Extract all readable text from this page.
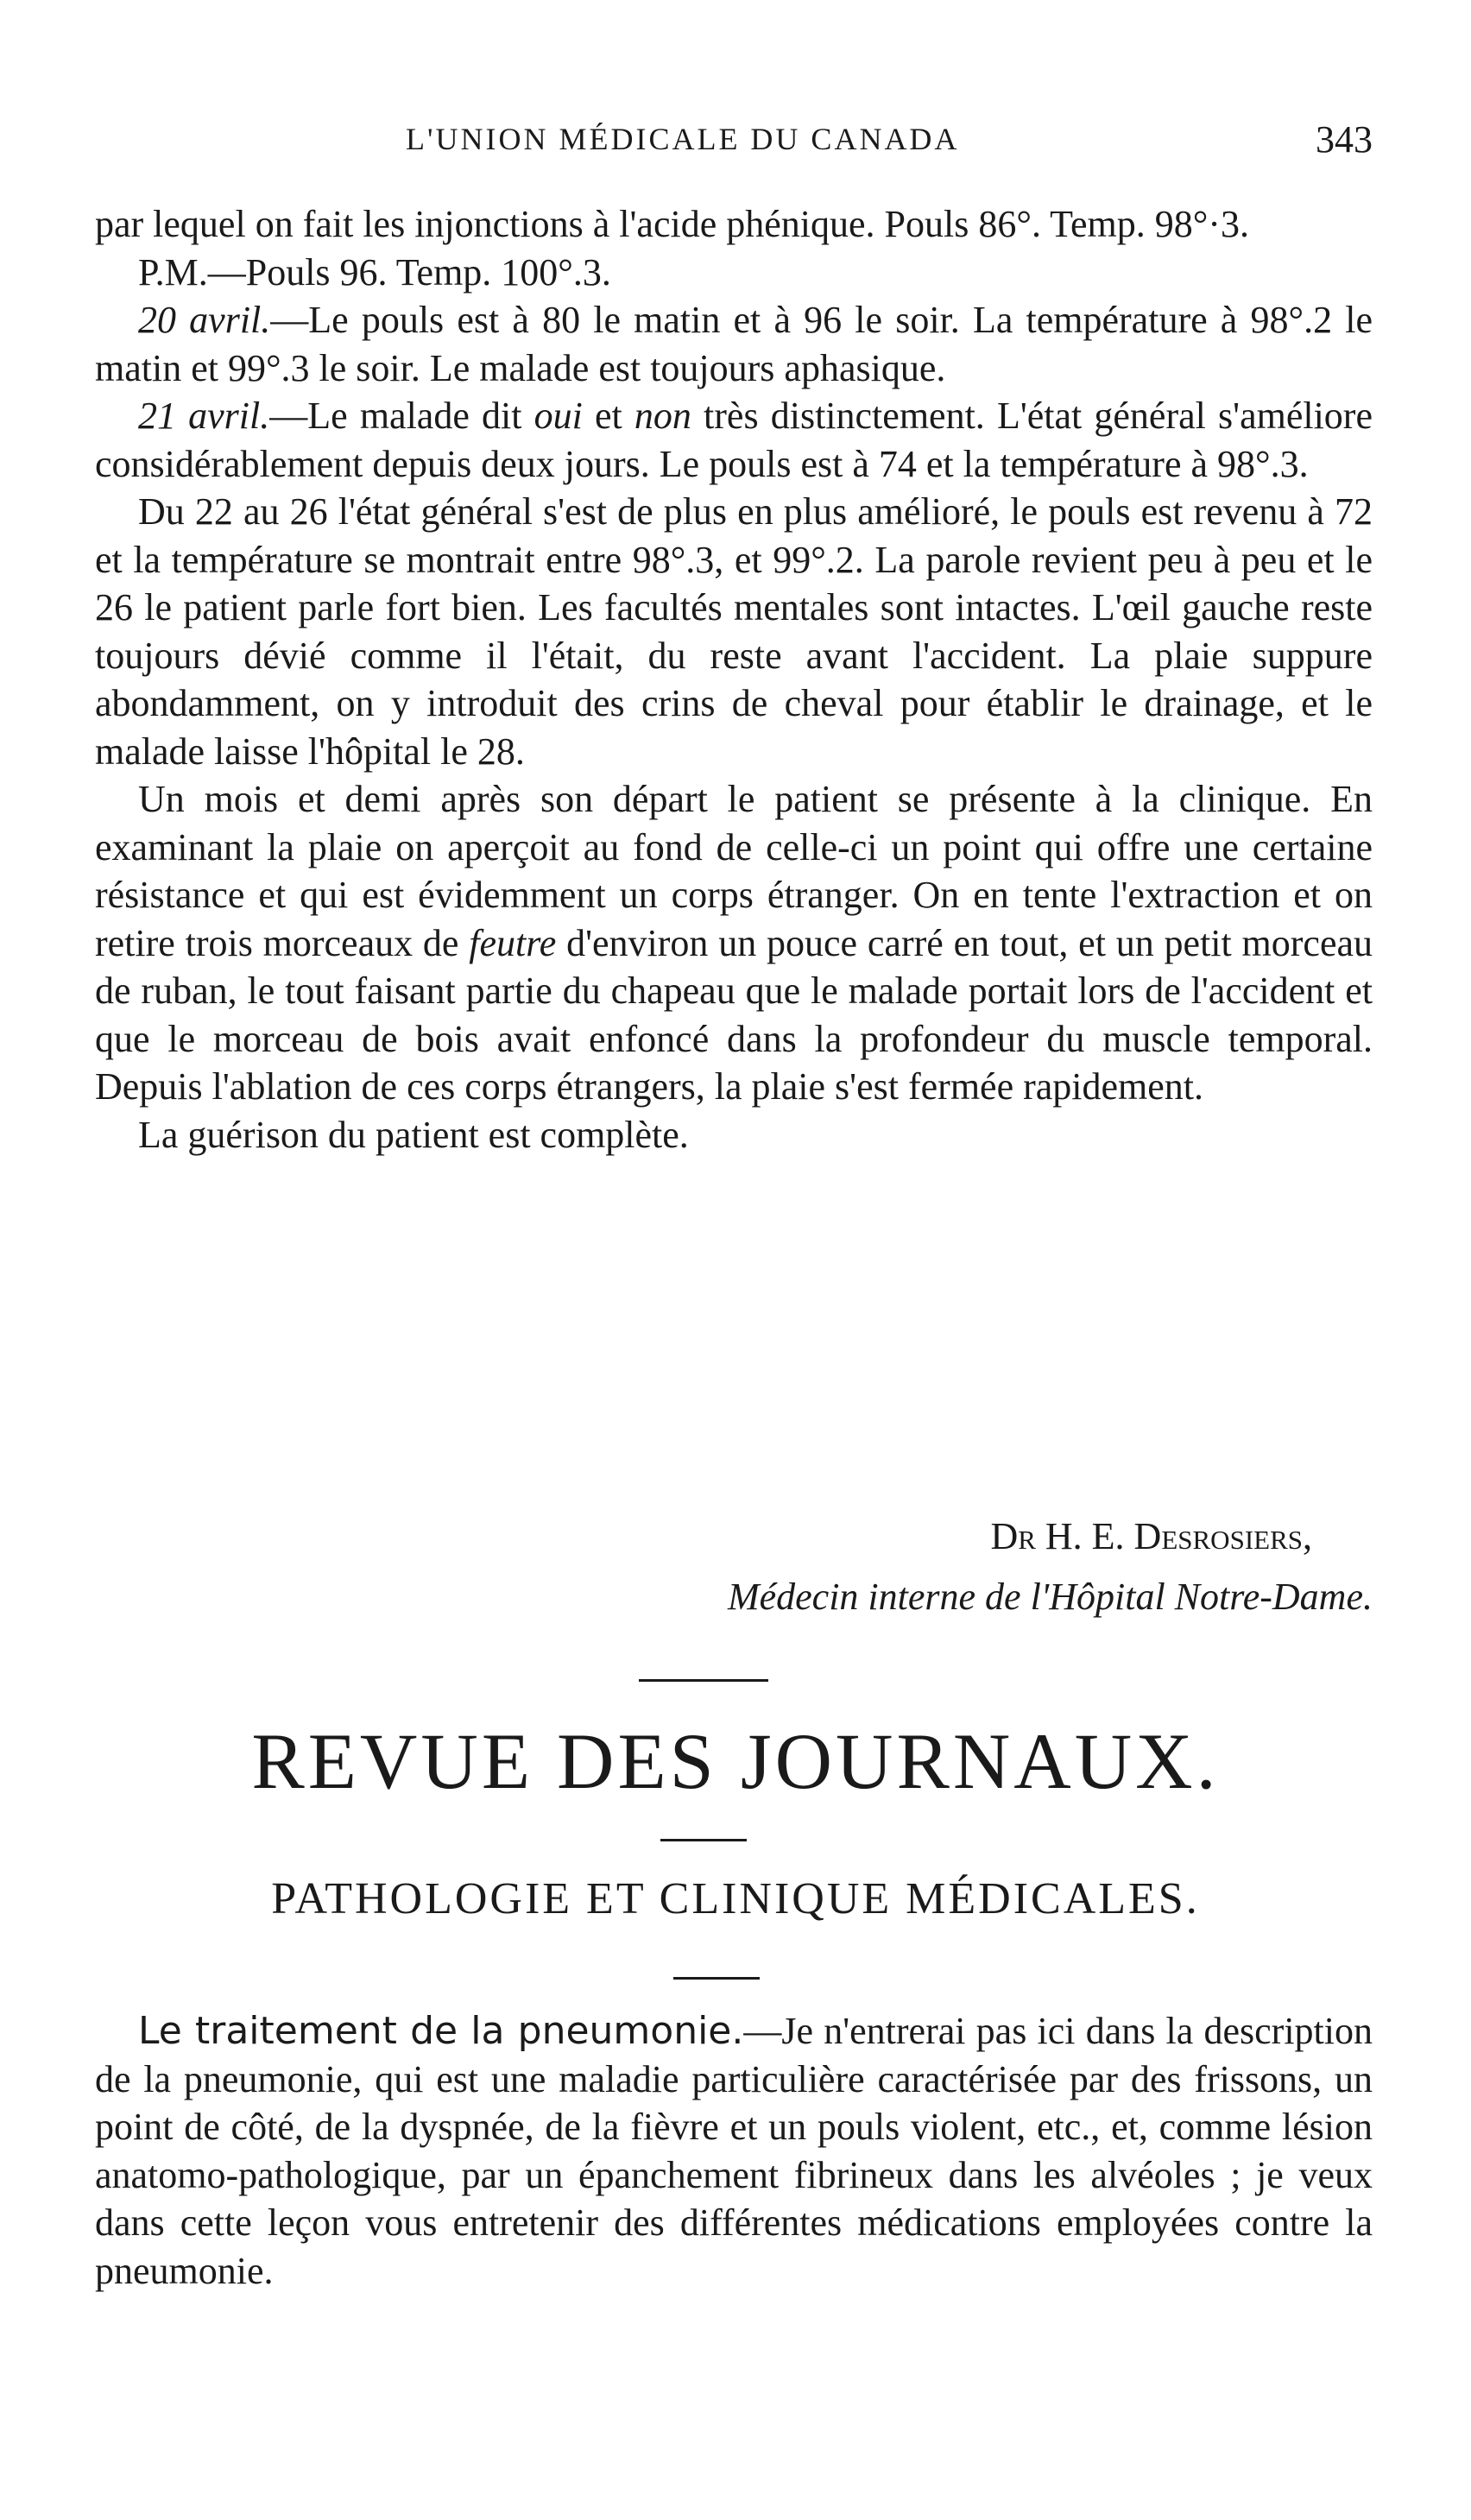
L'UNION MÉDICALE DU CANADA	343

par lequel on fait les injonctions à l'acide phénique. Pouls 86°. Temp. 98°·3.

P.M.—Pouls 96. Temp. 100°.3.

20 avril.—Le pouls est à 80 le matin et à 96 le soir. La température à 98°.2 le matin et 99°.3 le soir. Le malade est toujours aphasique.

21 avril.—Le malade dit oui et non très distinctement. L'état général s'améliore considérablement depuis deux jours. Le pouls est à 74 et la température à 98°.3.

Du 22 au 26 l'état général s'est de plus en plus amélioré, le pouls est revenu à 72 et la température se montrait entre 98°.3, et 99°.2. La parole revient peu à peu et le 26 le patient parle fort bien. Les facultés mentales sont intactes. L'œil gauche reste toujours dévié comme il l'était, du reste avant l'accident. La plaie suppure abondamment, on y introduit des crins de cheval pour établir le drainage, et le malade laisse l'hôpital le 28.

Un mois et demi après son départ le patient se présente à la clinique. En examinant la plaie on aperçoit au fond de celle-ci un point qui offre une certaine résistance et qui est évidemment un corps étranger. On en tente l'extraction et on retire trois morceaux de feutre d'environ un pouce carré en tout, et un petit morceau de ruban, le tout faisant partie du chapeau que le malade portait lors de l'accident et que le morceau de bois avait enfoncé dans la profondeur du muscle temporal. Depuis l'ablation de ces corps étrangers, la plaie s'est fermée rapidement.

La guérison du patient est complète.

Dr H. E. Desrosiers,
Médecin interne de l'Hôpital Notre-Dame.
REVUE DES JOURNAUX.
PATHOLOGIE ET CLINIQUE MÉDICALES.

Le traitement de la pneumonie.—Je n'entrerai pas ici dans la description de la pneumonie, qui est une maladie particulière caractérisée par des frissons, un point de côté, de la dyspnée, de la fièvre et un pouls violent, etc., et, comme lésion anatomo-pathologique, par un épanchement fibrineux dans les alvéoles ; je veux dans cette leçon vous entretenir des différentes médications employées contre la pneumonie.
